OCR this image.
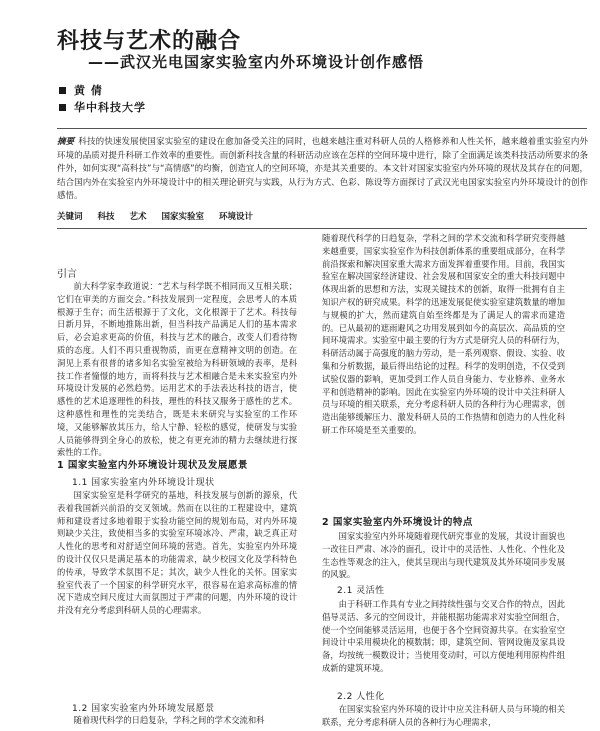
科技与艺术的融合
——武汉光电国家实验室内外环境设计创作感悟
黄 倩
华中科技大学

摘要 科技的快速发展使国家实验室的建设在愈加备受关注的同时，也越来越注重对科研人员的人格修养和人性关怀，越来越着重实验室内外环境的品质对提升科研工作效率的重要性。而创新科技含量的科研活动应该在怎样的空间环境中进行，除了全面满足该类科技活动所要求的条件外，如何实现“高科技”与“高情感”的均衡，创造宜人的空间环境，亦是其关重要的。本文针对国家实验室内外环境的现状及其存在的问题，结合国内外在实验室内外环境设计中的相关理论研究与实践，从行为方式、色彩、陈设等方面探讨了武汉光电国家实验室内外环境设计的创作感悟。

关键词 科技 艺术 国家实验室 环境设计
引言

前大科学家李政道说：“艺术与科学既不相同而又互相关联；它们在审美的方面交会。”科技发展到一定程度，会思考人的本质根源于生存；而生活根源于了文化，文化根源于了艺术。科技每日新月异，不断地推陈出新，但当科技产品满足人们的基本需求后，必会追求更高的价值，科技与艺术的融合，改变人们看待物质的态度。人们不再只重视物质，而更在意精神文明的创造。在洞见上系有很普的诸多知名实验室被给为科研领域的表率，是科技工作者憧憬的地方，而将科技与艺术相融合是未来实验室内外环境设计发展的必然趋势。运用艺术的手法表达科技的语言，使感性的艺术追逐理性的科技，理性的科技又服务于感性的艺术。这种感性和理性的完美结合，既是未来研究与实验室的工作环境，又能够解放其压力，给人宁静、轻松的感觉，使研发与实验人员能够得到全身心的放松，使之有更充沛的精力去继续进行探索性的工作。

1 国家实验室内外环境设计现状及发展愿景
1.1 国家实验室内外环境设计现状

国家实验室是科学研究的基地，科技发展与创新的源泉，代表着我国新兴前沿的交叉领域。然而在以往的工程建设中，建筑师和建设者过多地着眼于实验功能空间的规划布局，对内外环境则缺少关注，致使相当多的实验室环境冰冷、严肃，缺乏真正对人性化的思考和对舒适空间环境的营造。首先，实验室内外环境的设计仅仅只是满足基本的功能需求，缺少校园文化及学科特色的传承，导致学术氛围不足；其次，缺少人性化的关怀。国家实验室代表了一个国家的科学研究水平，很容易在追求高标准的情况下造成空间尺度过大而氛围过于严肃的问题，内外环境的设计并没有充分考虑到科研人员的心理需求。

1.2 国家实验室内外环境发展愿景

随着现代科学的日趋复杂，学科之间的学术交流和科

随着现代科学的日趋复杂，学科之间的学术交流和科学研究变得越来越重要，国家实验室作为科技创新体系的重要组成部分，在科学前沿探索和解决国家重大需求方面发挥着重要作用。目前，我国实验室在解决国家经济建设、社会发展和国家安全的重大科技问题中体现出新的思想和方法，实现关键技术的创新，取得一批拥有自主知识产权的研究成果。科学的迅速发展促使实验室建筑数量的增加与规模的扩大，然而建筑自始至终都是为了满足人的需求而建造的。已从最初的遮雨避风之功用发展到如今的高层次、高品质的空间环境需求。实验室中最主要的行为方式是研究人员的科研行为，科研活动属于高强度的脑力劳动，是一系列观察、假设、实验、收集和分析数据，最后得出结论的过程。科学的发明创造，不仅受到试验仪器的影响，更加受到工作人员自身能力、专业修养、业务水平和创造精神的影响。因此在实验室内外环境的设计中关注科研人员与环境的相关联系，充分考虑科研人员的各种行为心理需求，创造出能够缓解压力、激发科研人员的工作热情和创造力的人性化科研工作环境是至关重要的。

2 国家实验室内外环境设计的特点

国家实验室内外环境随着现代研究事业的发展，其设计面貌也一改往日严肃、冰冷的面孔，设计中的灵活性、人性化、个性化及生态性等观念的注入，使其呈现出与现代建筑及其外环境同步发展的风貌。

2.1 灵活性

由于科研工作具有专业之间持续性强与交叉合作的特点，因此倡导灵活、多元的空间设计，并能根据功能需求对实验空间组合，使一个空间能够灵活运用，也便于各个空间资源共享。在实验室空间设计中采用模块化的模数制；即，建筑空间、管网设施及家具设备，均按统一模数设计；当使用变动时，可以方便地利用原构件组成新的建筑环境。

2.2 人性化

在国家实验室内外环境的设计中应关注科研人员与环境的相关联系，充分考虑科研人员的各种行为心理需求，
